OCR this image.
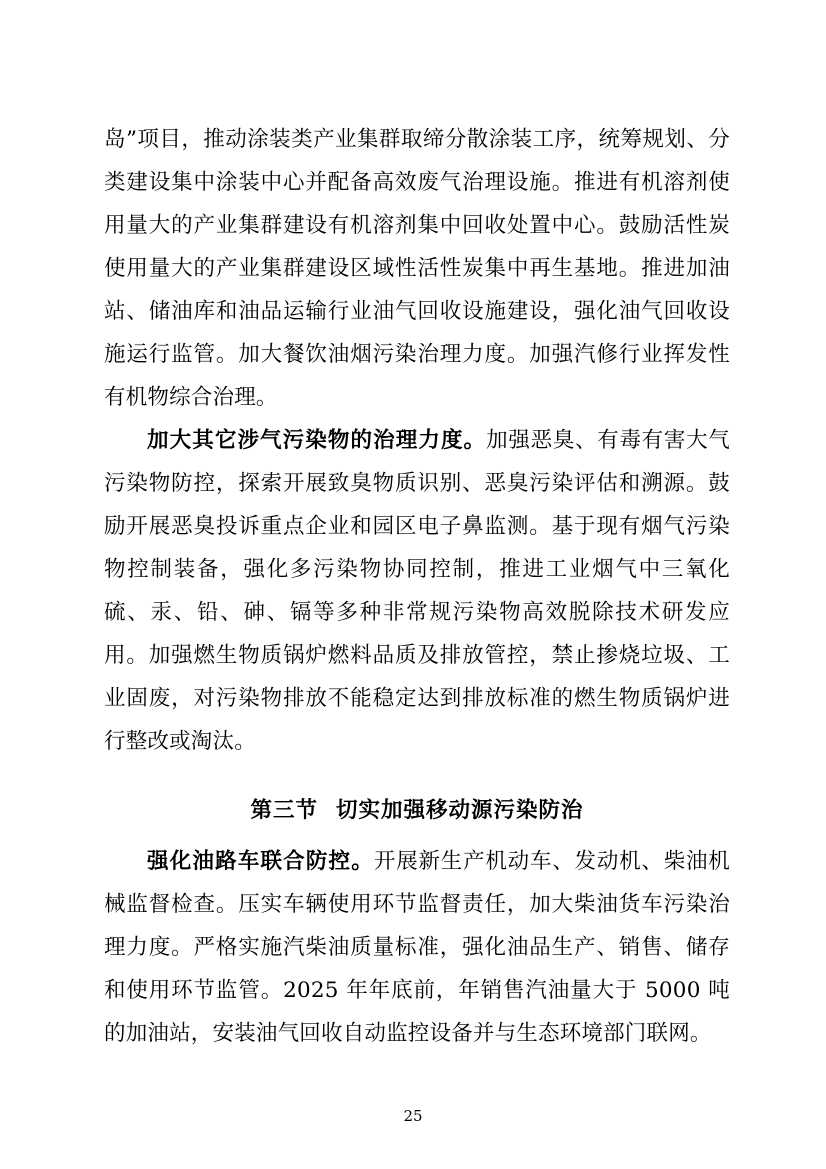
岛”项目，推动涂装类产业集群取缔分散涂装工序，统筹规划、分类建设集中涂装中心并配备高效废气治理设施。推进有机溶剂使用量大的产业集群建设有机溶剂集中回收处置中心。鼓励活性炭使用量大的产业集群建设区域性活性炭集中再生基地。推进加油站、储油库和油品运输行业油气回收设施建设，强化油气回收设施运行监管。加大餐饮油烟污染治理力度。加强汽修行业挥发性有机物综合治理。

加大其它涉气污染物的治理力度。加强恶臭、有毒有害大气污染物防控，探索开展致臭物质识别、恶臭污染评估和溯源。鼓励开展恶臭投诉重点企业和园区电子鼻监测。基于现有烟气污染物控制装备，强化多污染物协同控制，推进工业烟气中三氧化硫、汞、铅、砷、镉等多种非常规污染物高效脱除技术研发应用。加强燃生物质锅炉燃料品质及排放管控，禁止掺烧垃圾、工业固废，对污染物排放不能稳定达到排放标准的燃生物质锅炉进行整改或淘汰。

第三节 切实加强移动源污染防治

强化油路车联合防控。开展新生产机动车、发动机、柴油机械监督检查。压实车辆使用环节监督责任，加大柴油货车污染治理力度。严格实施汽柴油质量标准，强化油品生产、销售、储存和使用环节监管。2025 年年底前，年销售汽油量大于 5000 吨的加油站，安装油气回收自动监控设备并与生态环境部门联网。

25
